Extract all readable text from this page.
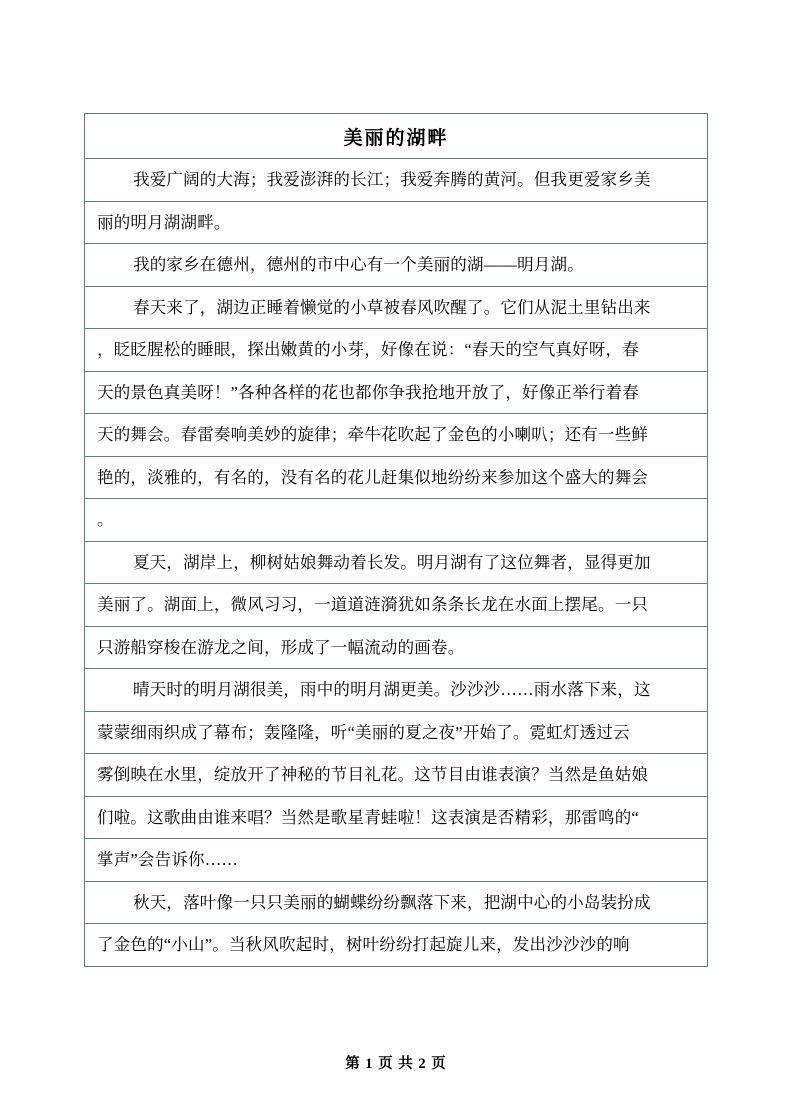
美丽的湖畔

我爱广阔的大海；我爱澎湃的长江；我爱奔腾的黄河。但我更爱家乡美
丽的明月湖湖畔。

我的家乡在德州，德州的市中心有一个美丽的湖——明月湖。

春天来了，湖边正睡着懒觉的小草被春风吹醒了。它们从泥土里钻出来
，眨眨腥松的睡眼，探出嫩黄的小芽，好像在说：“春天的空气真好呀，春
天的景色真美呀！”各种各样的花也都你争我抢地开放了，好像正举行着春
天的舞会。春雷奏响美妙的旋律；牵牛花吹起了金色的小喇叭；还有一些鲜
艳的，淡雅的，有名的，没有名的花儿赶集似地纷纷来参加这个盛大的舞会
。

夏天，湖岸上，柳树姑娘舞动着长发。明月湖有了这位舞者，显得更加
美丽了。湖面上，微风习习，一道道涟漪犹如条条长龙在水面上摆尾。一只
只游船穿梭在游龙之间，形成了一幅流动的画卷。

晴天时的明月湖很美，雨中的明月湖更美。沙沙沙……雨水落下来，这
蒙蒙细雨织成了幕布；轰隆隆，听“美丽的夏之夜”开始了。霓虹灯透过云
雾倒映在水里，绽放开了神秘的节目礼花。这节目由谁表演？当然是鱼姑娘
们啦。这歌曲由谁来唱？当然是歌星青蛙啦！这表演是否精彩，那雷鸣的“
掌声”会告诉你……

秋天，落叶像一只只美丽的蝴蝶纷纷飘落下来，把湖中心的小岛装扮成
了金色的“小山”。当秋风吹起时，树叶纷纷打起旋儿来，发出沙沙沙的响
第 1 页 共 2 页
